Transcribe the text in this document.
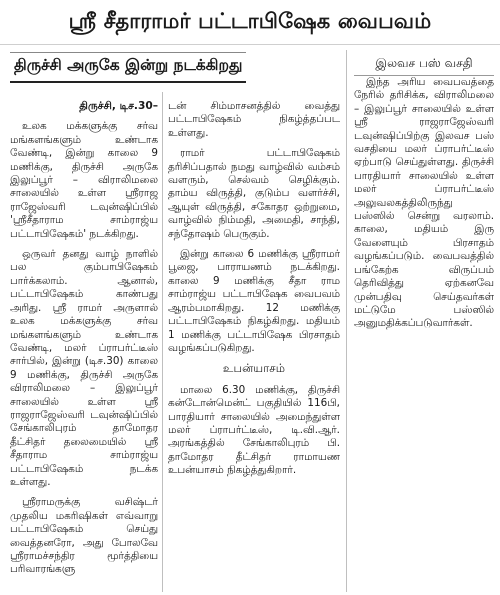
ஸ்ரீ சீதாராமர் பட்டாபிஷேக வைபவம்
திருச்சி அருகே இன்று நடக்கிறது	இலவச பஸ் வசதி
திருச்சி, டிச.30–

உலக மக்களுக்கு சர்வ மங்களங்களும் உண்டாக வேண்டி, இன்று காலை 9 மணிக்கு, திருச்சி அருகே இலுப்பூர் – விராலிமலை சாலையில் உள்ள ஸ்ரீராஜ ராஜேஸ்வரி டவுன்ஷிப்பில் 'ஸ்ரீசீதாராம சாம்ராஜ்ய பட்டாபிஷேகம்' நடக்கிறது.

ஒருவர் தனது வாழ் நாளில் பல கும்பாபிஷேகம் பார்க்கலாம். ஆனால், பட்டாபிஷேகம் காண்பது அரிது. ஸ்ரீ ராமர் அருளால் உலக மக்களுக்கு சர்வ மங்களங்களும் உண்டாக வேண்டி, மலர் ப்ராபர்ட்டீஸ் சார்பில், இன்று (டிச.30) காலை 9 மணிக்கு, திருச்சி அருகே விராலிமலை – இலுப்பூர் சாலையில் உள்ள ஸ்ரீ ராஜராஜேஸ்வரி டவுன்ஷிப்பில் சேங்காலிபுரம் தாமோதர தீட்சிதர் தலைமையில் ஸ்ரீ சீதாராம சாம்ராஜ்ய பட்டாபிஷேகம் நடக்க உள்ளது.

ஸ்ரீராமருக்கு வசிஷ்டர் முதலிய மகரிஷிகள் எவ்வாறு பட்டாபிஷேகம் செய்து வைத்தனரோ, அது போலவே ஸ்ரீராமச்சந்திர மூர்த்தியை பரிவாரங்களு

டன் சிம்மாசனத்தில் வைத்து பட்டாபிஷேகம் நிகழ்த்தப்பட உள்ளது.

ராமர் பட்டாபிஷேகம் தரிசிப்பதால் நமது வாழ்வில் வம்சம் வளரும், செல்வம் செழிக்கும். தாம்ய விருத்தி, குடும்ப வளர்ச்சி, ஆயுள் விருத்தி, சகோதர ஒற்றுமை, வாழ்வில் நிம்மதி, அமைதி, சாந்தி, சந்தோஷம் பெருகும்.

இன்று காலை 6 மணிக்கு ஸ்ரீராமர் பூஜை, பாராயணம் நடக்கிறது. காலை 9 மணிக்கு சீதா ராம சாம்ராஜ்ய பட்டாபிஷேக வைபவம் ஆரம்பமாகிறது. 12 மணிக்கு பட்டாபிஷேகம் நிகழ்கிறது. மதியம் 1 மணிக்கு பட்டாபிஷேக பிரசாதம் வழங்கப்படுகிறது.

உபன்யாசம்

மாலை 6.30 மணிக்கு, திருச்சி கன்டோன்மென்ட் பகுதியில் 116பி, பாரதியார் சாலையில் அமைந்துள்ள மலர் ப்ராபர்ட்டீஸ், டி.வி.ஆர். அரங்கத்தில் சேங்காலிபுரம் பி. தாமோதர தீட்சிதர் ராமாயண உபன்யாசம் நிகழ்த்துகிறார்.

இந்த அரிய வைபவத்தை நேரில் தரிசிக்க, விராலிமலை – இலுப்பூர் சாலையில் உள்ள ஸ்ரீ ராஜராஜேஸ்வரி டவுன்ஷிப்பிற்கு இலவச பஸ் வசதியை மலர் ப்ராபர்ட்டீஸ் ஏற்பாடு செய்துள்ளது. திருச்சி பாரதியார் சாலையில் உள்ள மலர் ப்ராபர்ட்டீஸ் அலுவலகத்திலிருந்து பஸ்ஸில் சென்று வரலாம். காலை, மதியம் இரு வேளையும் பிரசாதம் வழங்கப்படும். வைபவத்தில் பங்கேற்க விருப்பம் தெரிவித்து ஏற்கனவே முன்பதிவு செய்தவர்கள் மட்டுமே பஸ்ஸில் அனுமதிக்கப்படுவார்கள்.
